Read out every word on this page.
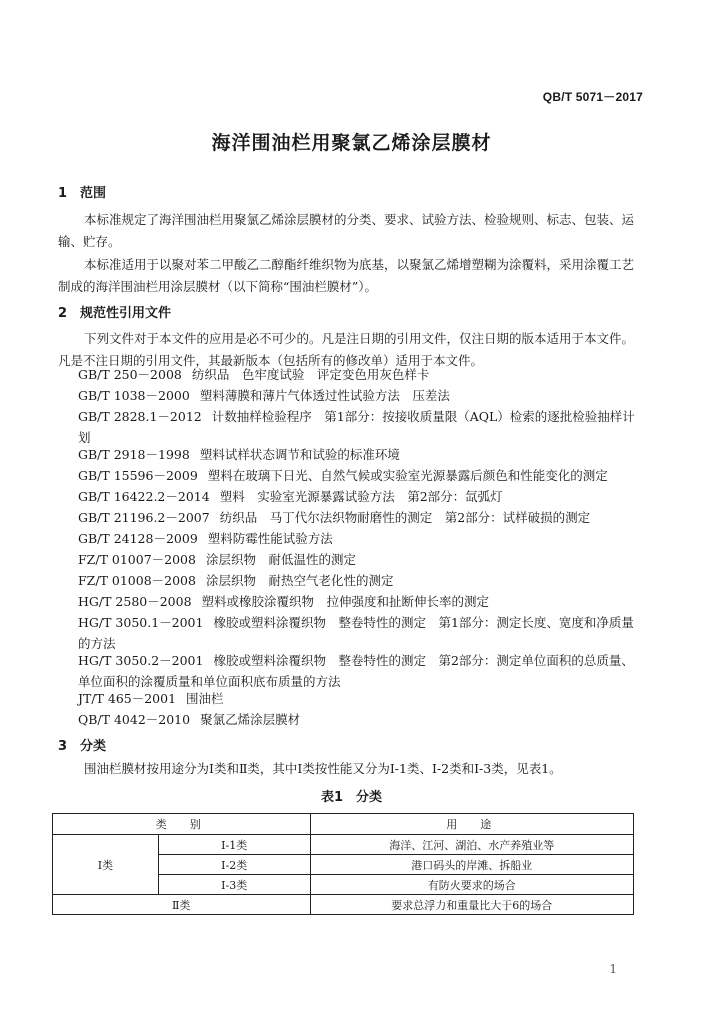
QB/T 5071－2017
海洋围油栏用聚氯乙烯涂层膜材
1 范围
本标准规定了海洋围油栏用聚氯乙烯涂层膜材的分类、要求、试验方法、检验规则、标志、包装、运输、贮存。
本标准适用于以聚对苯二甲酸乙二醇酯纤维织物为底基，以聚氯乙烯增塑糊为涂覆料，采用涂覆工艺制成的海洋围油栏用涂层膜材（以下简称“围油栏膜材”）。
2 规范性引用文件
下列文件对于本文件的应用是必不可少的。凡是注日期的引用文件，仅注日期的版本适用于本文件。凡是不注日期的引用文件，其最新版本（包括所有的修改单）适用于本文件。
GB/T 250－2008 纺织品　色牢度试验　评定变色用灰色样卡
GB/T 1038－2000 塑料薄膜和薄片气体透过性试验方法　压差法
GB/T 2828.1－2012 计数抽样检验程序　第1部分：按接收质量限（AQL）检索的逐批检验抽样计划
GB/T 2918－1998 塑料试样状态调节和试验的标准环境
GB/T 15596－2009 塑料在玻璃下日光、自然气候或实验室光源暴露后颜色和性能变化的测定
GB/T 16422.2－2014 塑料　实验室光源暴露试验方法　第2部分：氙弧灯
GB/T 21196.2－2007 纺织品　马丁代尔法织物耐磨性的测定　第2部分：试样破损的测定
GB/T 24128－2009 塑料防霉性能试验方法
FZ/T 01007－2008 涂层织物　耐低温性的测定
FZ/T 01008－2008 涂层织物　耐热空气老化性的测定
HG/T 2580－2008 塑料或橡胶涂覆织物　拉伸强度和扯断伸长率的测定
HG/T 3050.1－2001 橡胶或塑料涂覆织物　整卷特性的测定　第1部分：测定长度、宽度和净质量的方法
HG/T 3050.2－2001 橡胶或塑料涂覆织物　整卷特性的测定　第2部分：测定单位面积的总质量、单位面积的涂覆质量和单位面积底布质量的方法
JT/T 465－2001 围油栏
QB/T 4042－2010 聚氯乙烯涂层膜材
3 分类
围油栏膜材按用途分为Ⅰ类和Ⅱ类，其中Ⅰ类按性能又分为Ⅰ-1类、Ⅰ-2类和Ⅰ-3类，见表1。
表1　分类
类　别		用　途
Ⅰ类	Ⅰ-1类	海洋、江河、湖泊、水产养殖业等
	Ⅰ-2类	港口码头的岸滩、拆船业
	Ⅰ-3类	有防火要求的场合
Ⅱ类		要求总浮力和重量比大于6的场合
1
